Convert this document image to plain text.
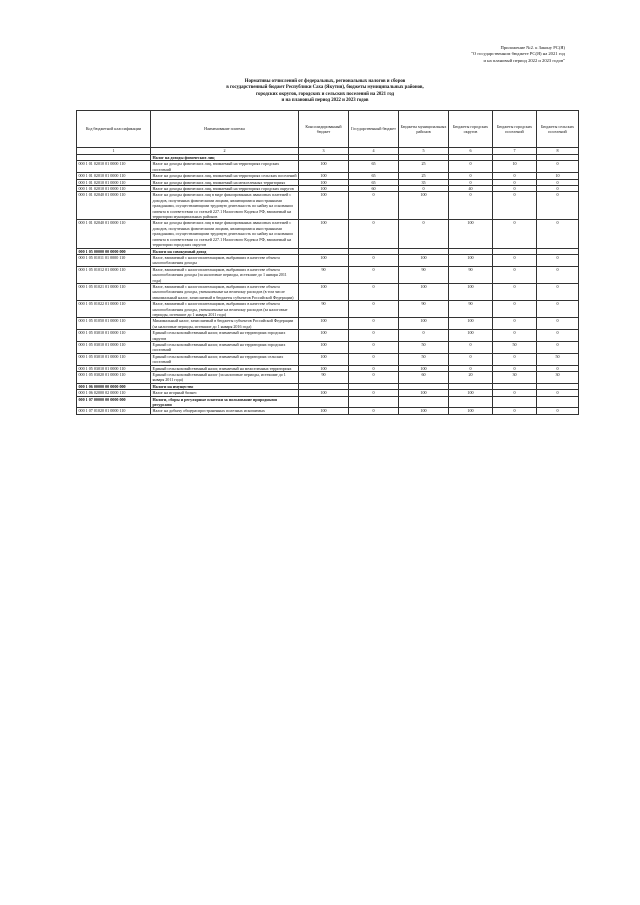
Приложение №2. к Закону РС(Я)
"О государственном бюджете РС(Я) на 2021 год
и на плановый период 2022 и 2023 годов"
Нормативы отчислений от федеральных, региональных налогов и сборов
в государственный бюджет Республики Саха (Якутия), бюджеты муниципальных районов,
городских округов, городских и сельских поселений на 2021 год
и на плановый период 2022 и 2023 годов
Код бюджетной классификации	Наименование платежа	Консолидированный бюджет	Государственный бюджет	Бюджеты муниципальных районов	Бюджеты городских округов	Бюджеты городских поселений	Бюджеты сельских поселений
1	2	3	4	5	6	7	8
	Налог на доходы физических лиц						
000 1 01 02010 01 0000 110	Налог на доходы физических лиц, взимаемый на территориях городских поселений	100	65	25	0	10	0
000 1 01 02010 01 0000 110	Налог на доходы физических лиц, взимаемый на территориях сельских поселений	100	65	25	0	0	10
000 1 01 02010 01 0000 110	Налог на доходы физических лиц, взимаемый на межселенных территориях	100	65	35	0	0	0
000 1 01 02010 01 0000 110	Налог на доходы физических лиц, взимаемый на территориях городских округов	100	60	0	40	0	0
000 1 01 02040 01 0000 110	Налог на доходы физических лиц в виде фиксированных авансовых платежей с доходов, полученных физическими лицами, являющимися иностранными гражданами, осуществляющими трудовую деятельность по найму на основании патента в соответствии со статьей 227.1 Налогового Кодекса РФ, взимаемый на территории муниципальных районов	100	0	100	0	0	0
000 1 01 02040 01 0000 110	Налог на доходы физических лиц в виде фиксированных авансовых платежей с доходов, полученных физическими лицами, являющимися иностранными гражданами, осуществляющими трудовую деятельность по найму на основании патента в соответствии со статьей 227.1 Налогового Кодекса РФ, взимаемый на территории городских округов	100	0	0	100	0	0
000 1 05 00000 00 0000 000	Налоги на совокупный доход						
000 1 05 01011 01 0000 110	Налог, взимаемый с налогоплательщиков, выбравших в качестве объекта налогообложения доходы	100	0	100	100	0	0
000 1 05 01012 01 0000 110	Налог, взимаемый с налогоплательщиков, выбравших в качестве объекта налогообложения доходы (за налоговые периоды, истекшие до 1 января 2011 года)	90	0	90	90	0	0
000 1 05 01021 01 0000 110	Налог, взимаемый с налогоплательщиков, выбравших в качестве объекта налогообложения доходы, уменьшенные на величину расходов (в том числе минимальный налог, зачисляемый в бюджеты субъектов Российской Федерации)	100	0	100	100	0	0
000 1 05 01022 01 0000 110	Налог, взимаемый с налогоплательщиков, выбравших в качестве объекта налогообложения доходы, уменьшенные на величину расходов (за налоговые периоды, истекшие до 1 января 2011 года)	90	0	90	90	0	0
000 1 05 01050 01 0000 110	Минимальный налог, зачисляемый в бюджеты субъектов Российской Федерации (за налоговые периоды, истекшие до 1 января 2016 года)	100	0	100	100	0	0
000 1 05 03010 01 0000 110	Единый сельскохозяйственный налог, взимаемый на территориях городских округов	100	0	0	100	0	0
000 1 05 03010 01 0000 110	Единый сельскохозяйственный налог, взимаемый на территориях городских поселений	100	0	50	0	50	0
000 1 05 03010 01 0000 110	Единый сельскохозяйственный налог, взимаемый на территориях сельских поселений	100	0	50	0	0	50
000 1 05 03010 01 0000 110	Единый сельскохозяйственный налог, взимаемый на межселенных территориях	100	0	100	0	0	0
000 1 05 03020 01 0000 110	Единый сельскохозяйственный налог (за налоговые периоды, истекшие до 1 января 2011 года)	90	0	60	20	30	30
000 1 06 00000 00 0000 000	Налоги на имущество						
000 1 06 02000 02 0000 110	Налог на игорный бизнес	100	0	100	100	0	0
000 1 07 00000 00 0000 000	Налоги, сборы и регулярные платежи за пользование природными ресурсами						
000 1 07 01020 01 0000 110	Налог на добычу общераспространенных полезных ископаемых	100	0	100	100	0	0
